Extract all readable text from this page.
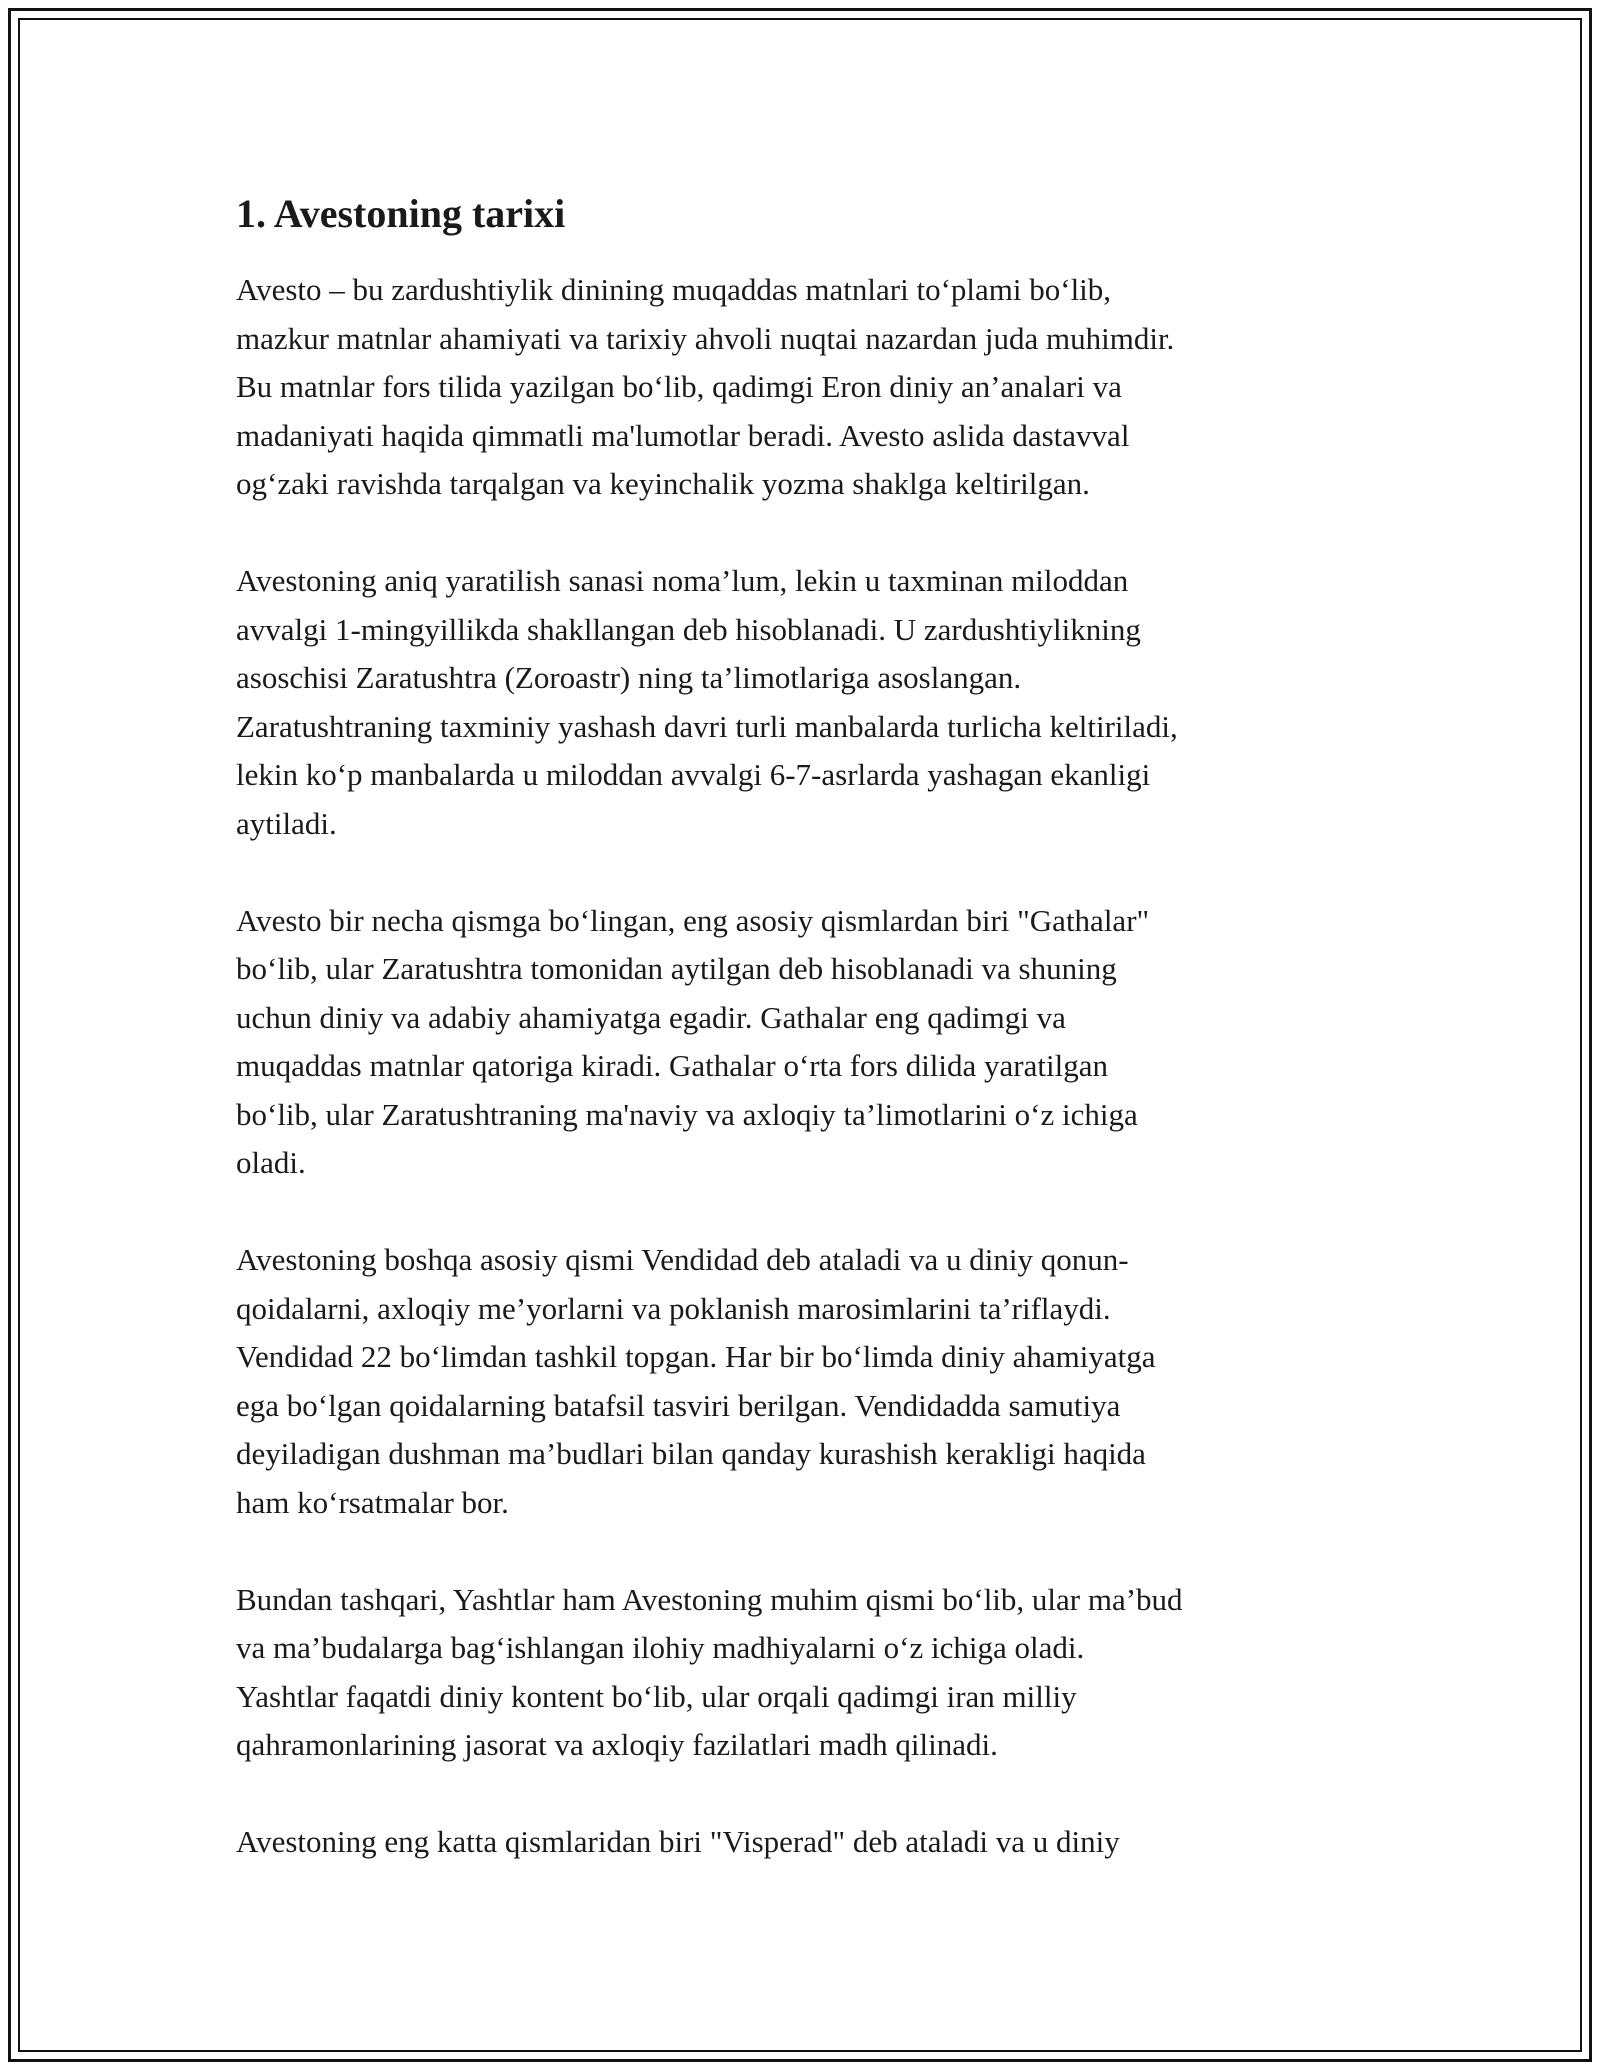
1. Avestoning tarixi

Avesto – bu zardushtiylik dinining muqaddas matnlari to‘plami bo‘lib,
mazkur matnlar ahamiyati va tarixiy ahvoli nuqtai nazardan juda muhimdir.
Bu matnlar fors tilida yazilgan bo‘lib, qadimgi Eron diniy an’analari va
madaniyati haqida qimmatli ma'lumotlar beradi. Avesto aslida dastavval
og‘zaki ravishda tarqalgan va keyinchalik yozma shaklga keltirilgan.

Avestoning aniq yaratilish sanasi noma’lum, lekin u taxminan miloddan
avvalgi 1-mingyillikda shakllangan deb hisoblanadi. U zardushtiylikning
asoschisi Zaratushtra (Zoroastr) ning ta’limotlariga asoslangan.
Zaratushtraning taxminiy yashash davri turli manbalarda turlicha keltiriladi,
lekin ko‘p manbalarda u miloddan avvalgi 6-7-asrlarda yashagan ekanligi
aytiladi.

Avesto bir necha qismga bo‘lingan, eng asosiy qismlardan biri "Gathalar"
bo‘lib, ular Zaratushtra tomonidan aytilgan deb hisoblanadi va shuning
uchun diniy va adabiy ahamiyatga egadir. Gathalar eng qadimgi va
muqaddas matnlar qatoriga kiradi. Gathalar o‘rta fors dilida yaratilgan
bo‘lib, ular Zaratushtraning ma'naviy va axloqiy ta’limotlarini o‘z ichiga
oladi.

Avestoning boshqa asosiy qismi Vendidad deb ataladi va u diniy qonun-
qoidalarni, axloqiy me’yorlarni va poklanish marosimlarini ta’riflaydi.
Vendidad 22 bo‘limdan tashkil topgan. Har bir bo‘limda diniy ahamiyatga
ega bo‘lgan qoidalarning batafsil tasviri berilgan. Vendidadda samutiya
deyiladigan dushman ma’budlari bilan qanday kurashish kerakligi haqida
ham ko‘rsatmalar bor.

Bundan tashqari, Yashtlar ham Avestoning muhim qismi bo‘lib, ular ma’bud
va ma’budalarga bag‘ishlangan ilohiy madhiyalarni o‘z ichiga oladi.
Yashtlar faqatdi diniy kontent bo‘lib, ular orqali qadimgi iran milliy
qahramonlarining jasorat va axloqiy fazilatlari madh qilinadi.

Avestoning eng katta qismlaridan biri "Visperad" deb ataladi va u diniy
